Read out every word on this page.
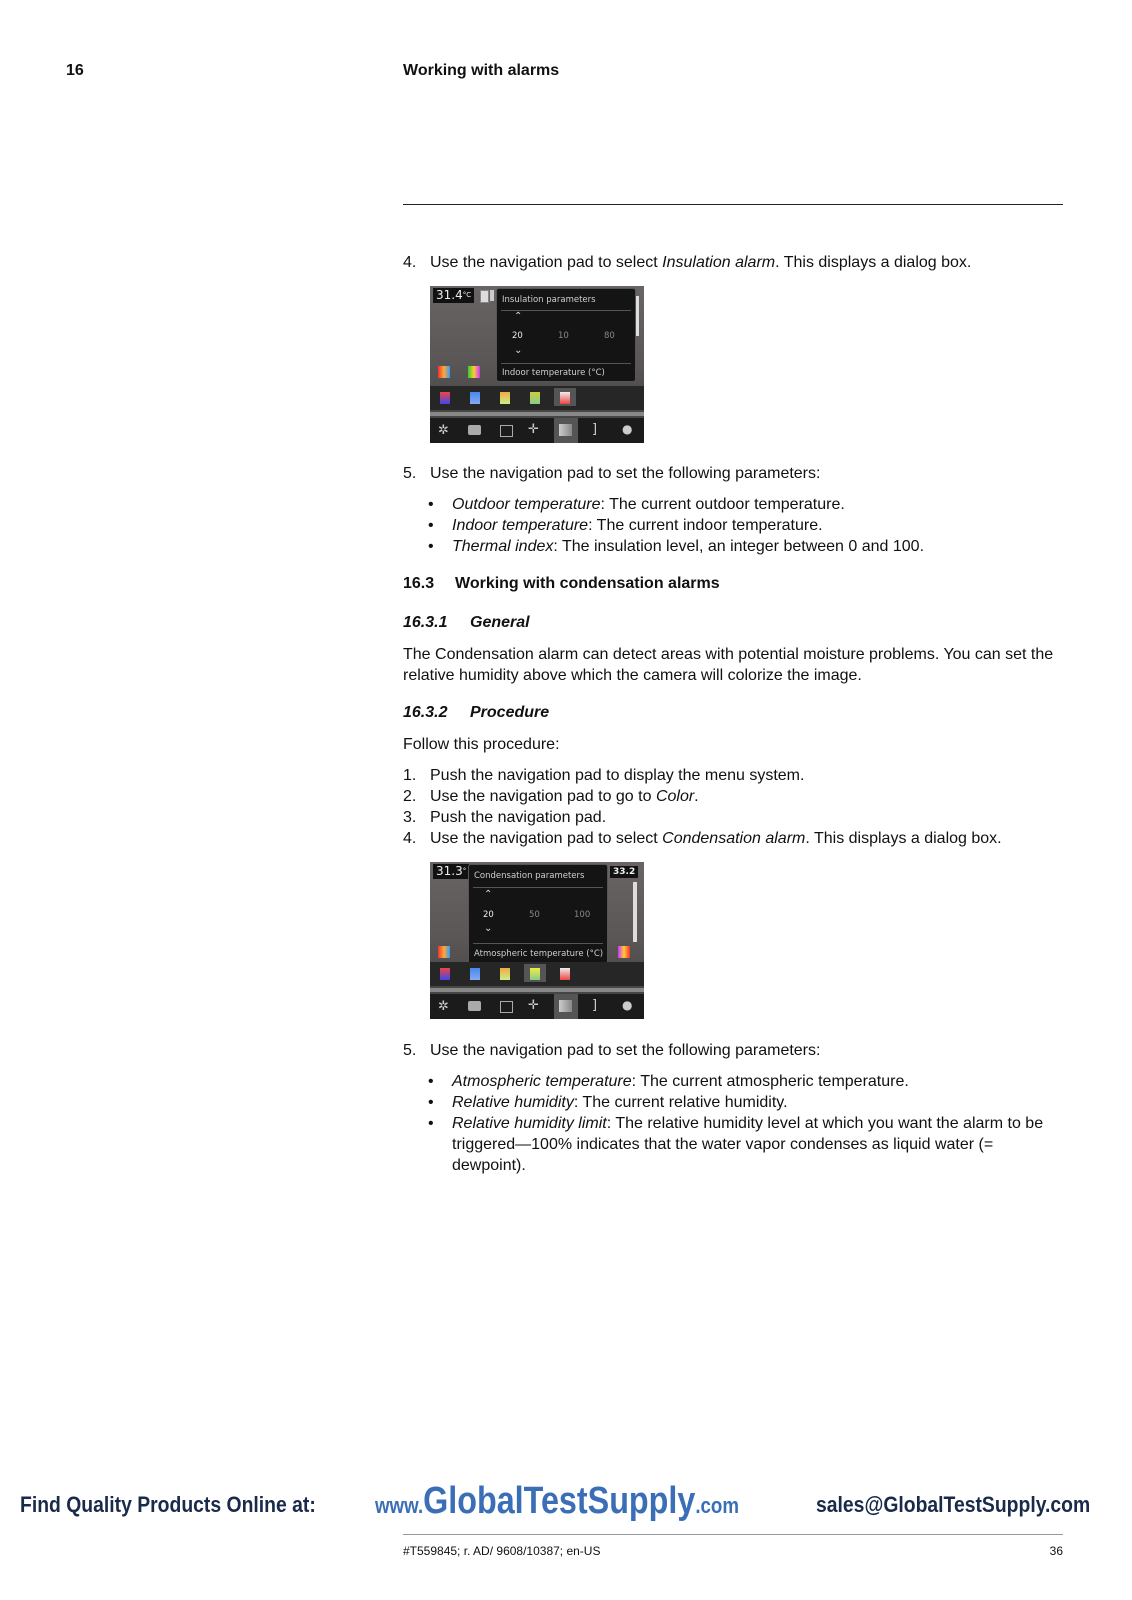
16	Working with alarms
4. Use the navigation pad to select Insulation alarm. This displays a dialog box.
$31.4^{^\circ C}$	Insulation parameters
⌃
20	10	80
⌄
Indoor temperature (°C)
✲	✛	] ●
5. Use the navigation pad to set the following parameters:
• Outdoor temperature: The current outdoor temperature.
• Indoor temperature: The current indoor temperature.
• Thermal index: The insulation level, an integer between 0 and 100.
16.3 Working with condensation alarms
16.3.1 General
The Condensation alarm can detect areas with potential moisture problems. You can set the relative humidity above which the camera will colorize the image.
16.3.2 Procedure
Follow this procedure:
1. Push the navigation pad to display the menu system.
2. Use the navigation pad to go to Color.
3. Push the navigation pad.
4. Use the navigation pad to select Condensation alarm. This displays a dialog box.
31.3°	33.2
Condensation parameters
⌃
20	50	100
⌄
Atmospheric temperature (°C)
✲	✛	] ●
5. Use the navigation pad to set the following parameters:
• Atmospheric temperature: The current atmospheric temperature.
• Relative humidity: The current relative humidity.
• Relative humidity limit: The relative humidity level at which you want the alarm to be triggered—100% indicates that the water vapor condenses as liquid water (= dewpoint).
Find Quality Products Online at:	www.GlobalTestSupply.com	sales@GlobalTestSupply.com
#T559845; r. AD/ 9608/10387; en-US	36
